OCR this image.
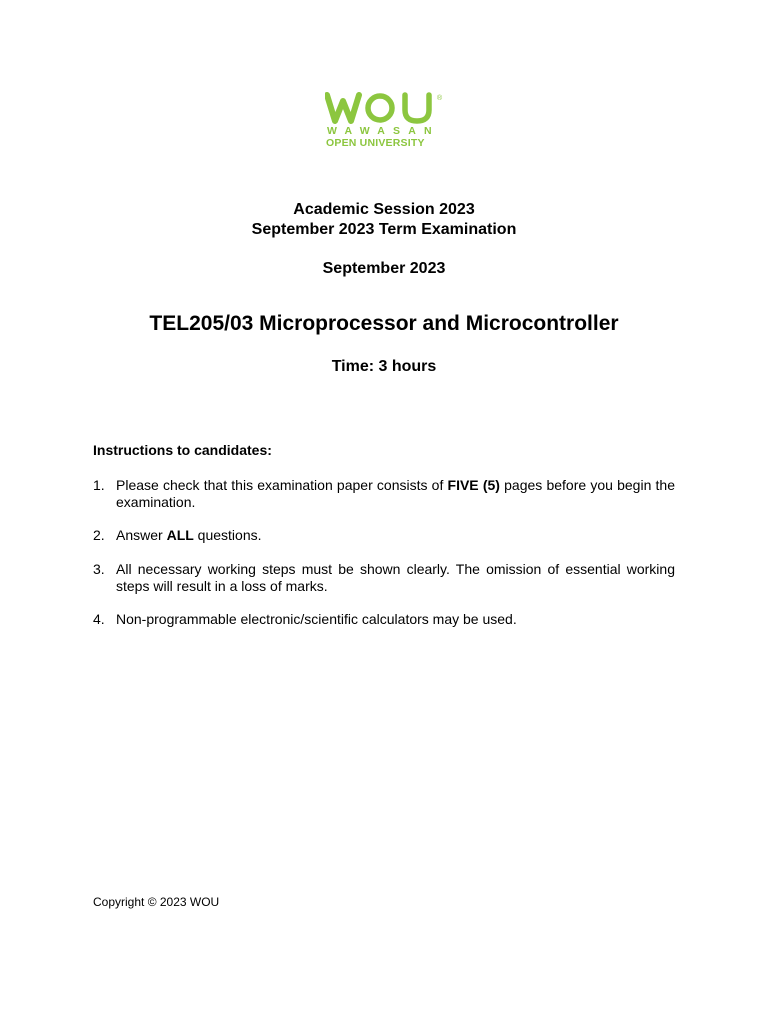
®
WAWASAN
OPEN UNIVERSITY
Academic Session 2023
September 2023 Term Examination
September 2023
TEL205/03 Microprocessor and Microcontroller
Time: 3 hours
Instructions to candidates:
1. Please check that this examination paper consists of FIVE (5) pages before you begin the examination.
2. Answer ALL questions.
3. All necessary working steps must be shown clearly. The omission of essential working steps will result in a loss of marks.
4. Non-programmable electronic/scientific calculators may be used.
Copyright © 2023 WOU
